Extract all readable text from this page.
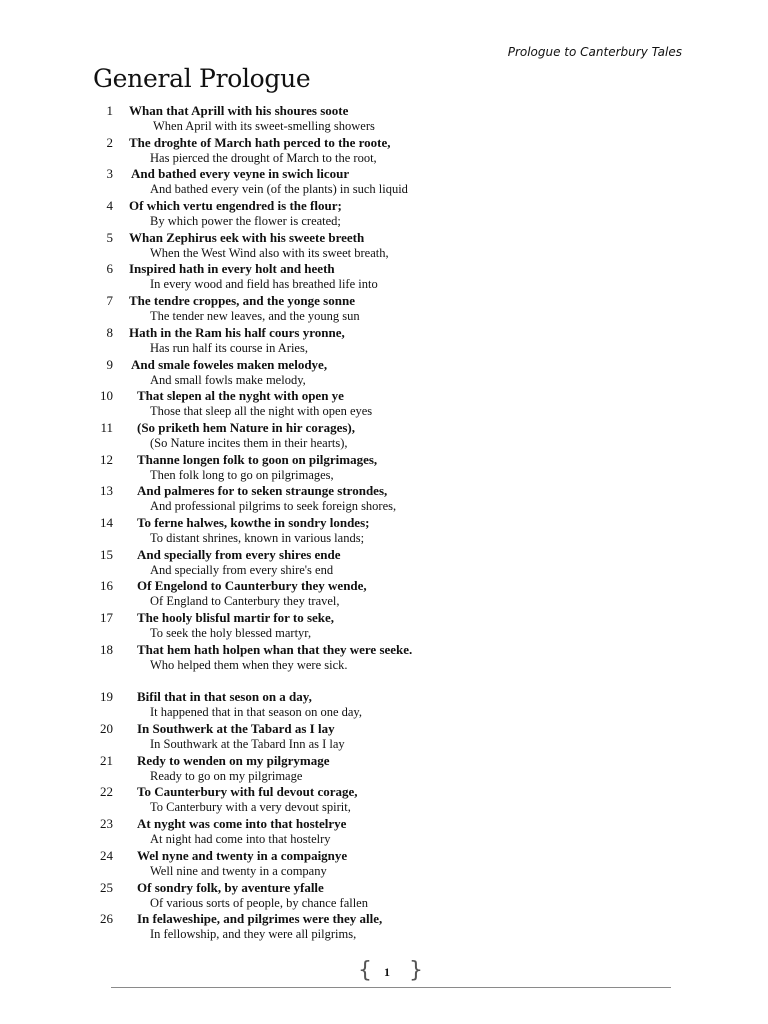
Prologue to Canterbury Tales
General Prologue
1 Whan that Aprill with his shoures soote
When April with its sweet-smelling showers
2 The droghte of March hath perced to the roote,
Has pierced the drought of March to the root,
3 And bathed every veyne in swich licour
And bathed every vein (of the plants) in such liquid
4 Of which vertu engendred is the flour;
By which power the flower is created;
5 Whan Zephirus eek with his sweete breeth
When the West Wind also with its sweet breath,
6 Inspired hath in every holt and heeth
In every wood and field has breathed life into
7 The tendre croppes, and the yonge sonne
The tender new leaves, and the young sun
8 Hath in the Ram his half cours yronne,
Has run half its course in Aries,
9 And smale foweles maken melodye,
And small fowls make melody,
10 That slepen al the nyght with open ye
Those that sleep all the night with open eyes
11 (So priketh hem Nature in hir corages),
(So Nature incites them in their hearts),
12 Thanne longen folk to goon on pilgrimages,
Then folk long to go on pilgrimages,
13 And palmeres for to seken straunge strondes,
And professional pilgrims to seek foreign shores,
14 To ferne halwes, kowthe in sondry londes;
To distant shrines, known in various lands;
15 And specially from every shires ende
And specially from every shire's end
16 Of Engelond to Caunterbury they wende,
Of England to Canterbury they travel,
17 The hooly blisful martir for to seke,
To seek the holy blessed martyr,
18 That hem hath holpen whan that they were seeke.
Who helped them when they were sick.
19 Bifil that in that seson on a day,
It happened that in that season on one day,
20 In Southwerk at the Tabard as I lay
In Southwark at the Tabard Inn as I lay
21 Redy to wenden on my pilgrymage
Ready to go on my pilgrimage
22 To Caunterbury with ful devout corage,
To Canterbury with a very devout spirit,
23 At nyght was come into that hostelrye
At night had come into that hostelry
24 Wel nyne and twenty in a compaignye
Well nine and twenty in a company
25 Of sondry folk, by aventure yfalle
Of various sorts of people, by chance fallen
26 In felaweshipe, and pilgrimes were they alle,
In fellowship, and they were all pilgrims,
{	1 }
